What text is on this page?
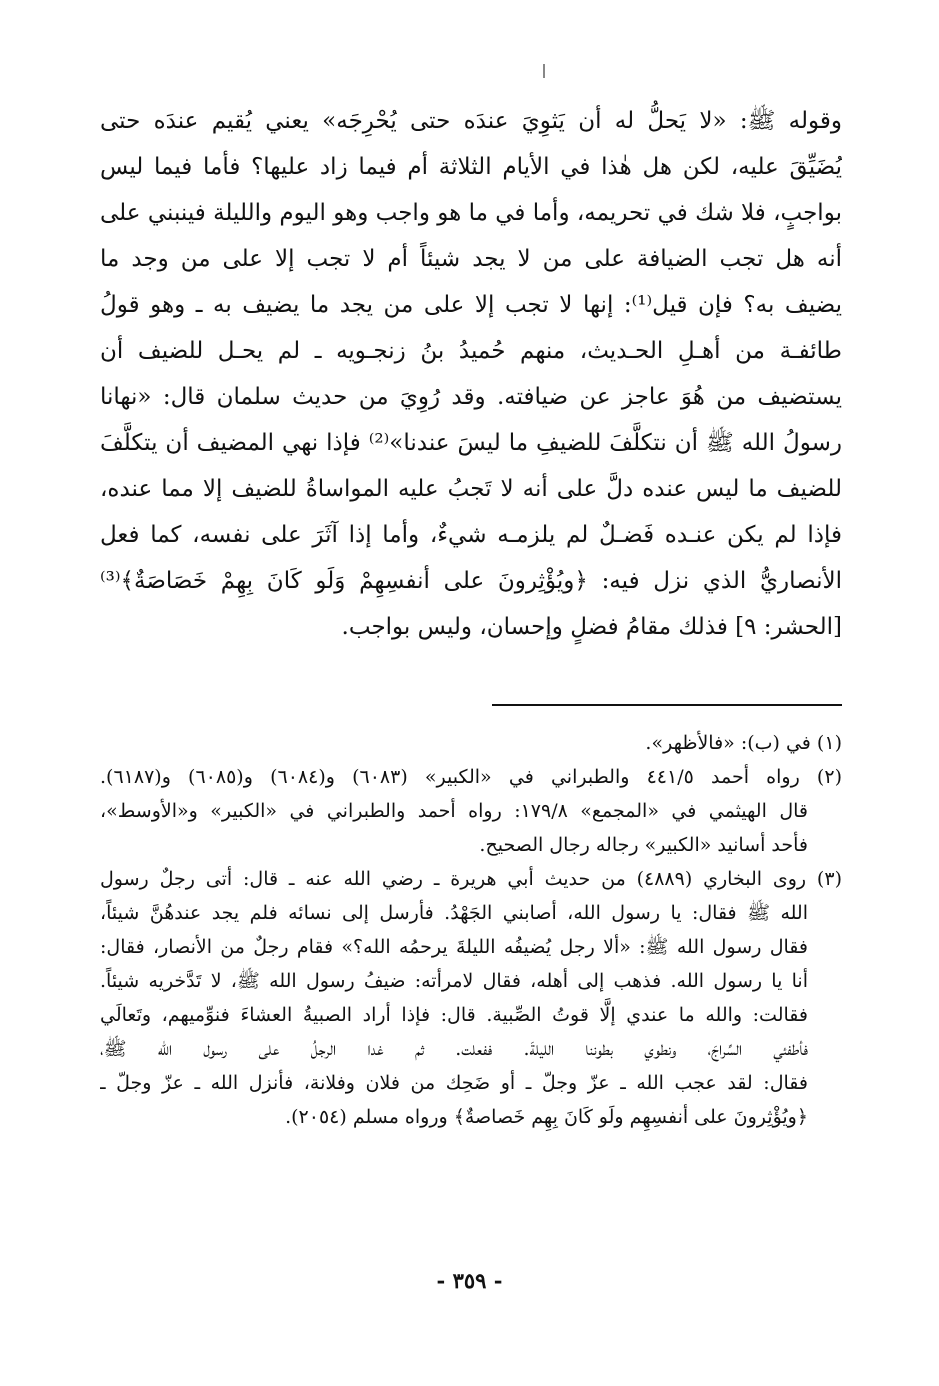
وقوله ﷺ: «لا يَحلُّ له أن يَثوِيَ عندَه حتى يُحْرِجَه» يعني يُقيم عندَه حتى
يُضَيِّقَ عليه، لكن هل هٰذا في الأيام الثلاثة أم فيما زاد عليها؟ فأما فيما ليس
بواجبٍ، فلا شك في تحريمه، وأما في ما هو واجب وهو اليوم والليلة فينبني على
أنه هل تجب الضيافة على من لا يجد شيئاً أم لا تجب إلا على من وجد ما
يضيف به؟ فإن قيل⁽¹⁾: إنها لا تجب إلا على من يجد ما يضيف به ـ وهو قولُ
طائفـة من أهـلِ الحـديث، منهم حُميدُ بنُ زنجـويه ـ لم يحـل للضيف أن
يستضيف من هُوَ عاجز عن ضيافته. وقد رُوِيَ من حديث سلمان قال: «نهانا
رسولُ الله ﷺ أن نتكلَّفَ للضيفِ ما ليسَ عندنا»⁽²⁾ فإذا نهي المضيف أن يتكلَّفَ
للضيف ما ليس عنده دلَّ على أنه لا تَجبُ عليه المواساةُ للضيف إلا مما عنده،
فإذا لم يكن عنـده فَضـلٌ لم يلزمـه شيءٌ، وأما إذا آثَرَ على نفسه، كما فعل
الأنصاريُّ الذي نزل فيه: ﴿ويُؤْثِرونَ على أنفسِهِمْ وَلَو كَانَ بِهِمْ خَصَاصَةٌ﴾⁽³⁾
[الحشر: ٩] فذلك مقامُ فضلٍ وإحسان، وليس بواجب.
(١) في (ب): «فالأظهر».
(٢) رواه أحمد ٤٤١/٥ والطبراني في «الكبير» (٦٠٨٣) و(٦٠٨٤) و(٦٠٨٥) و(٦١٨٧).
قال الهيثمي في «المجمع» ١٧٩/٨: رواه أحمد والطبراني في «الكبير» و«الأوسط»،
فأحد أسانيد «الكبير» رجاله رجال الصحيح.
(٣) روى البخاري (٤٨٨٩) من حديث أبي هريرة ـ رضي الله عنه ـ قال: أتى رجلٌ رسول
الله ﷺ فقال: يا رسول الله، أصابني الجَهْدُ. فأرسل إلى نسائه فلم يجد عندهُنَّ شيئاً،
فقال رسول الله ﷺ: «ألا رجل يُضيفُه الليلةَ يرحمُه الله؟» فقام رجلٌ من الأنصار، فقال:
أنا يا رسول الله. فذهب إلى أهله، فقال لامرأته: ضيفُ رسول الله ﷺ، لا تَدَّخريه شيئاً.
فقالت: والله ما عندي إلَّا قوتُ الصِّبية. قال: فإذا أراد الصبيةُ العشاءَ فنوِّميهم، وتَعالَي
فأطفئي السِّراجَ، ونطوي بطوننا الليلةَ. ففعلت. ثم غدا الرجلُ على رسول الله ﷺ،
فقال: لقد عجب الله ـ عزّ وجلّ ـ أو ضَحِك من فلان وفلانة، فأنزل الله ـ عزّ وجلّ ـ
﴿ويُؤْثِرونَ على أنفسِهِم ولَو كَانَ بِهِم خَصاصةٌ﴾ ورواه مسلم (٢٠٥٤).
- ٣٥٩ -
